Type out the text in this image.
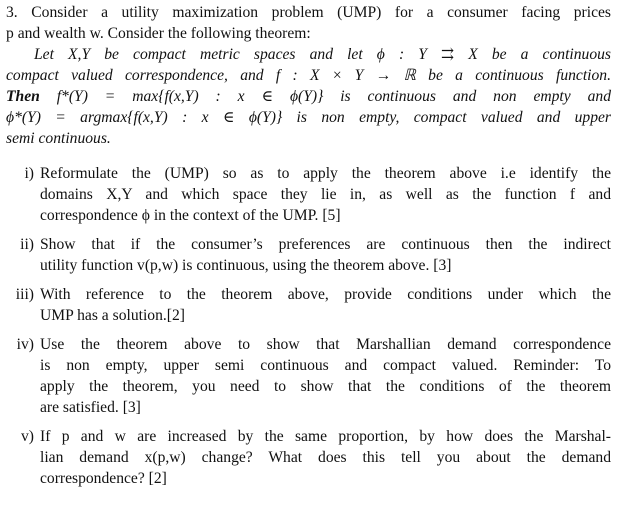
3. Consider a utility maximization problem (UMP) for a consumer facing prices
p and wealth w. Consider the following theorem:
Let X,Y be compact metric spaces and let ϕ : Y ⇉ X be a continuous
compact valued correspondence, and f : X × Y → ℝ be a continuous function.
Then f*(Y) = max{f(x,Y) : x ∈ ϕ(Y)} is continuous and non empty and
ϕ*(Y) = argmax{f(x,Y) : x ∈ ϕ(Y)} is non empty, compact valued and upper
semi continuous.
i) Reformulate the (UMP) so as to apply the theorem above i.e identify the
domains X,Y and which space they lie in, as well as the function f and
correspondence ϕ in the context of the UMP. [5]
ii) Show that if the consumer’s preferences are continuous then the indirect
utility function v(p,w) is continuous, using the theorem above. [3]
iii) With reference to the theorem above, provide conditions under which the
UMP has a solution.[2]
iv) Use the theorem above to show that Marshallian demand correspondence
is non empty, upper semi continuous and compact valued. Reminder: To
apply the theorem, you need to show that the conditions of the theorem
are satisfied. [3]
v) If p and w are increased by the same proportion, by how does the Marshal-
lian demand x(p,w) change? What does this tell you about the demand
correspondence? [2]
